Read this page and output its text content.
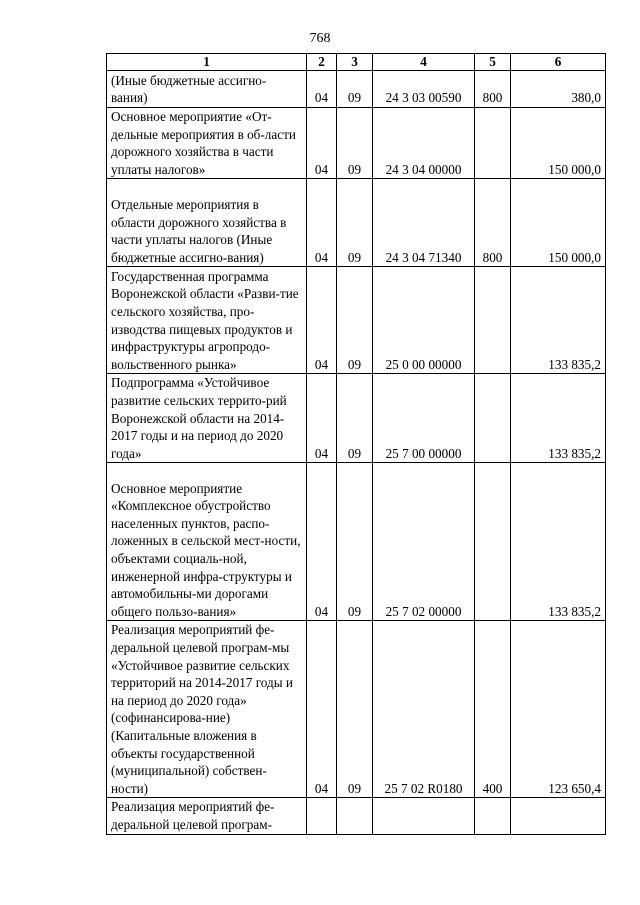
768
1	2	3	4	5	6
(Иные бюджетные ассигно-вания)	04	09	24 3 03 00590	800	380,0
Основное мероприятие «От-дельные мероприятия в об-ласти дорожного хозяйства в части уплаты налогов»	04	09	24 3 04 00000		150 000,0
Отдельные мероприятия в области дорожного хозяйства в части уплаты налогов (Иные бюджетные ассигно-вания)	04	09	24 3 04 71340	800	150 000,0
Государственная программа Воронежской области «Разви-тие сельского хозяйства, про-изводства пищевых продуктов и инфраструктуры агропродо-вольственного рынка»	04	09	25 0 00 00000		133 835,2
Подпрограмма «Устойчивое развитие сельских террито-рий Воронежской области на 2014-2017 годы и на период до 2020 года»	04	09	25 7 00 00000		133 835,2
Основное мероприятие «Комплексное обустройство населенных пунктов, распо-ложенных в сельской мест-ности, объектами социаль-ной, инженерной инфра-структуры и автомобильны-ми дорогами общего пользо-вания»	04	09	25 7 02 00000		133 835,2
Реализация мероприятий фе-деральной целевой програм-мы «Устойчивое развитие сельских территорий на 2014-2017 годы и на период до 2020 года» (софинансирова-ние) (Капитальные вложения в объекты государственной (муниципальной) собствен-ности)	04	09	25 7 02 R0180	400	123 650,4
Реализация мероприятий фе-деральной целевой програм-					
